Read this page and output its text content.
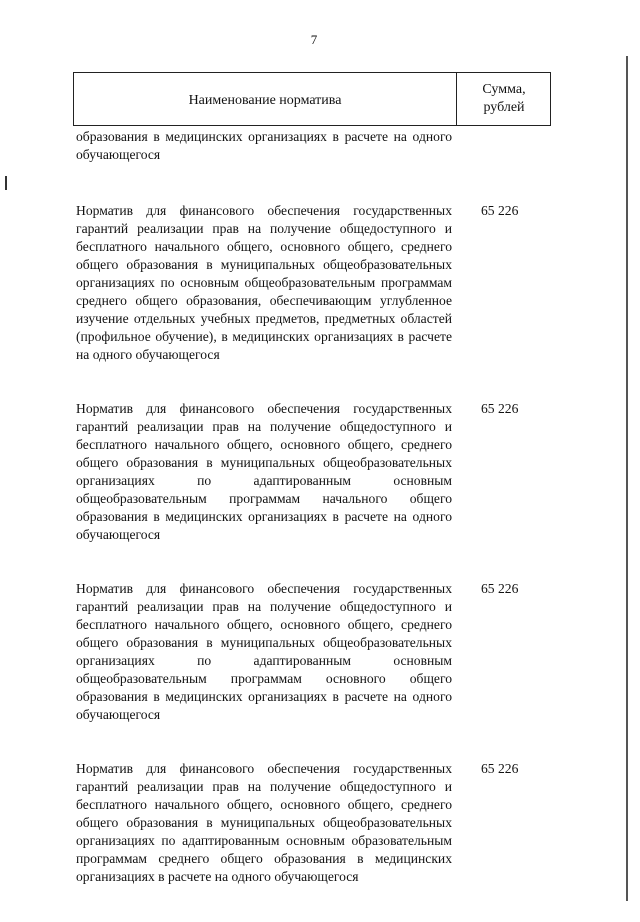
7
Наименование норматива
Сумма,
рублей
образования в медицинских организациях в расчете на одного обучающегося
Норматив для финансового обеспечения государственных гарантий реализации прав на получение общедоступного и бесплатного начального общего, основного общего, среднего общего образования в муниципальных общеобразовательных организациях по основным общеобразовательным программам среднего общего образования, обеспечивающим углубленное изучение отдельных учебных предметов, предметных областей (профильное обучение), в медицинских организациях в расчете на одного обучающегося
65 226
Норматив для финансового обеспечения государственных гарантий реализации прав на получение общедоступного и бесплатного начального общего, основного общего, среднего общего образования в муниципальных общеобразовательных организациях по адаптированным основным общеобразовательным программам начального общего образования в медицинских организациях в расчете на одного обучающегося
65 226
Норматив для финансового обеспечения государственных гарантий реализации прав на получение общедоступного и бесплатного начального общего, основного общего, среднего общего образования в муниципальных общеобразовательных организациях по адаптированным основным общеобразовательным программам основного общего образования в медицинских организациях в расчете на одного обучающегося
65 226
Норматив для финансового обеспечения государственных гарантий реализации прав на получение общедоступного и бесплатного начального общего, основного общего, среднего общего образования в муниципальных общеобразовательных организациях по адаптированным основным образовательным программам среднего общего образования в медицинских организациях в расчете на одного обучающегося
65 226
